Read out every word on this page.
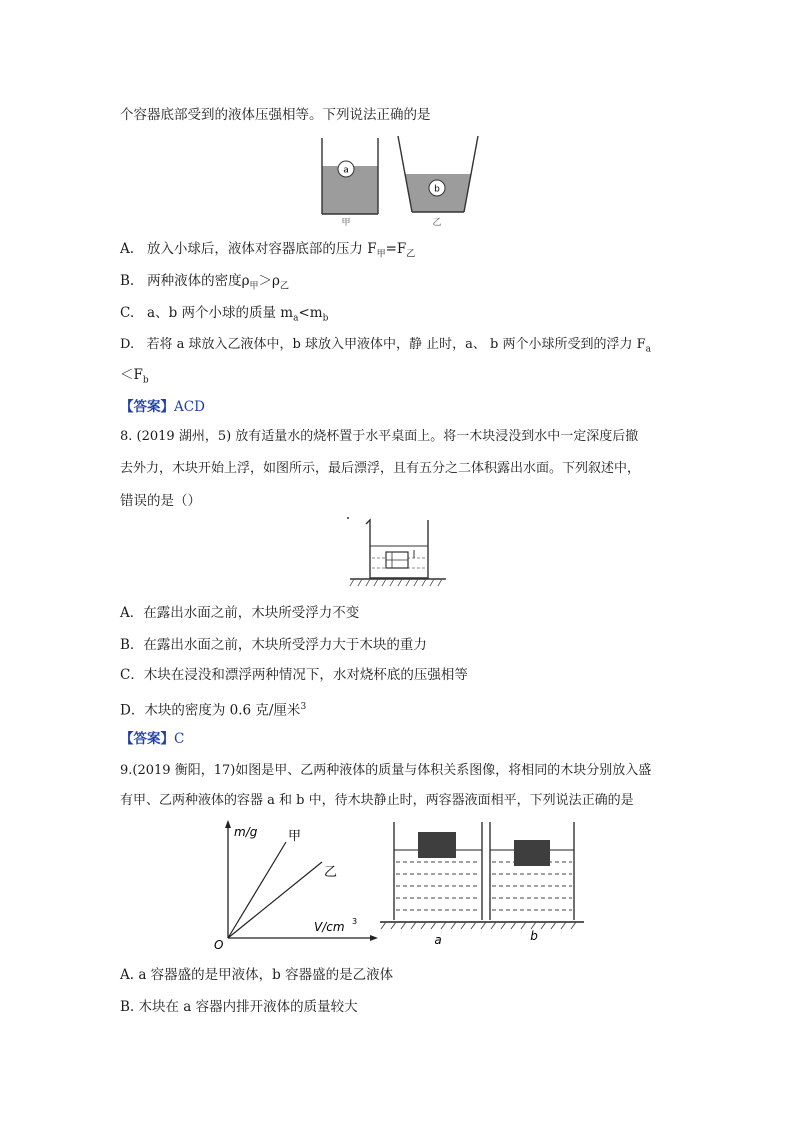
个容器底部受到的液体压强相等。下列说法正确的是
a
甲
b
乙
A. 放入小球后，液体对容器底部的压力 $F_甲=F_乙$
B. 两种液体的密度$\rho_甲>\rho_乙$
C. a、b 两个小球的质量 $m_a<m_b$
D. 若将 a 球放入乙液体中，b 球放入甲液体中，静 止时，a、 b 两个小球所受到的浮力 $F_a$
$<F_b$
【答案】ACD
8. (2019 湖州，5) 放有适量水的烧杯置于水平桌面上。将一木块浸没到水中一定深度后撤
去外力，木块开始上浮，如图所示，最后漂浮，且有五分之二体积露出水面。下列叙述中，
错误的是（）
A．在露出水面之前，木块所受浮力不变
B．在露出水面之前，木块所受浮力大于木块的重力
C．木块在浸没和漂浮两种情况下，水对烧杯底的压强相等
D．木块的密度为 0.6 克/厘米$^3$
【答案】C
9.(2019 衡阳，17)如图是甲、乙两种液体的质量与体积关系图像，将相同的木块分别放入盛
有甲、乙两种液体的容器 a 和 b 中，待木块静止时，两容器液面相平，下列说法正确的是
m/g 甲
乙
V/cm 3
O	a	b
A. a 容器盛的是甲液体，b 容器盛的是乙液体
B. 木块在 a 容器内排开液体的质量较大
